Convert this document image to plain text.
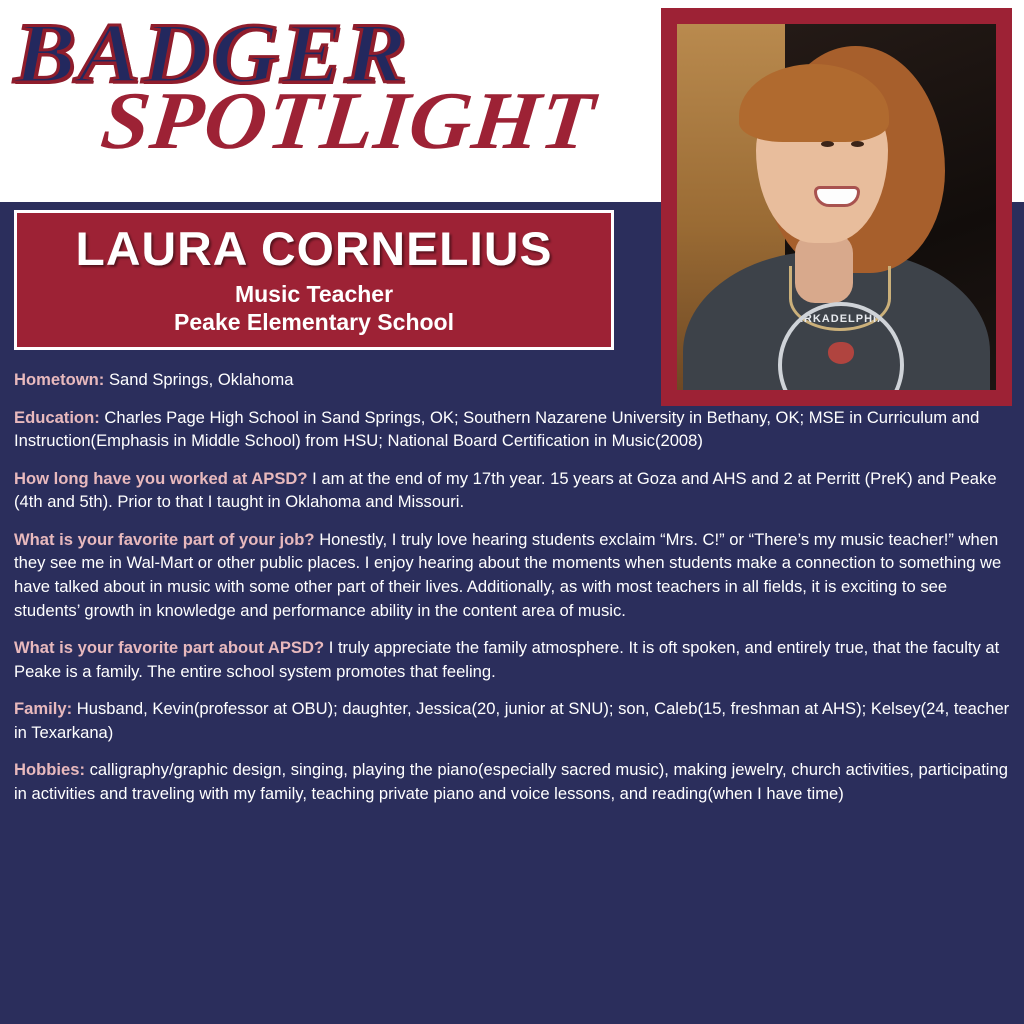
BADGER
SPOTLIGHT
ARKADELPHIA
LAURA CORNELIUS
Music Teacher
Peake Elementary School

Hometown: Sand Springs, Oklahoma

Education: Charles Page High School in Sand Springs, OK; Southern Nazarene University in Bethany, OK; MSE in Curriculum and Instruction(Emphasis in Middle School) from HSU; National Board Certification in Music(2008)

How long have you worked at APSD? I am at the end of my 17th year. 15 years at Goza and AHS and 2 at Perritt (PreK) and Peake (4th and 5th). Prior to that I taught in Oklahoma and Missouri.

What is your favorite part of your job? Honestly, I truly love hearing students exclaim “Mrs. C!” or “There’s my music teacher!” when they see me in Wal-Mart or other public places. I enjoy hearing about the moments when students make a connection to something we have talked about in music with some other part of their lives. Additionally, as with most teachers in all fields, it is exciting to see students’ growth in knowledge and performance ability in the content area of music.

What is your favorite part about APSD? I truly appreciate the family atmosphere. It is oft spoken, and entirely true, that the faculty at Peake is a family. The entire school system promotes that feeling.

Family: Husband, Kevin(professor at OBU); daughter, Jessica(20, junior at SNU); son, Caleb(15, freshman at AHS); Kelsey(24, teacher in Texarkana)

Hobbies: calligraphy/graphic design, singing, playing the piano(especially sacred music), making jewelry, church activities, participating in activities and traveling with my family, teaching private piano and voice lessons, and reading(when I have time)
